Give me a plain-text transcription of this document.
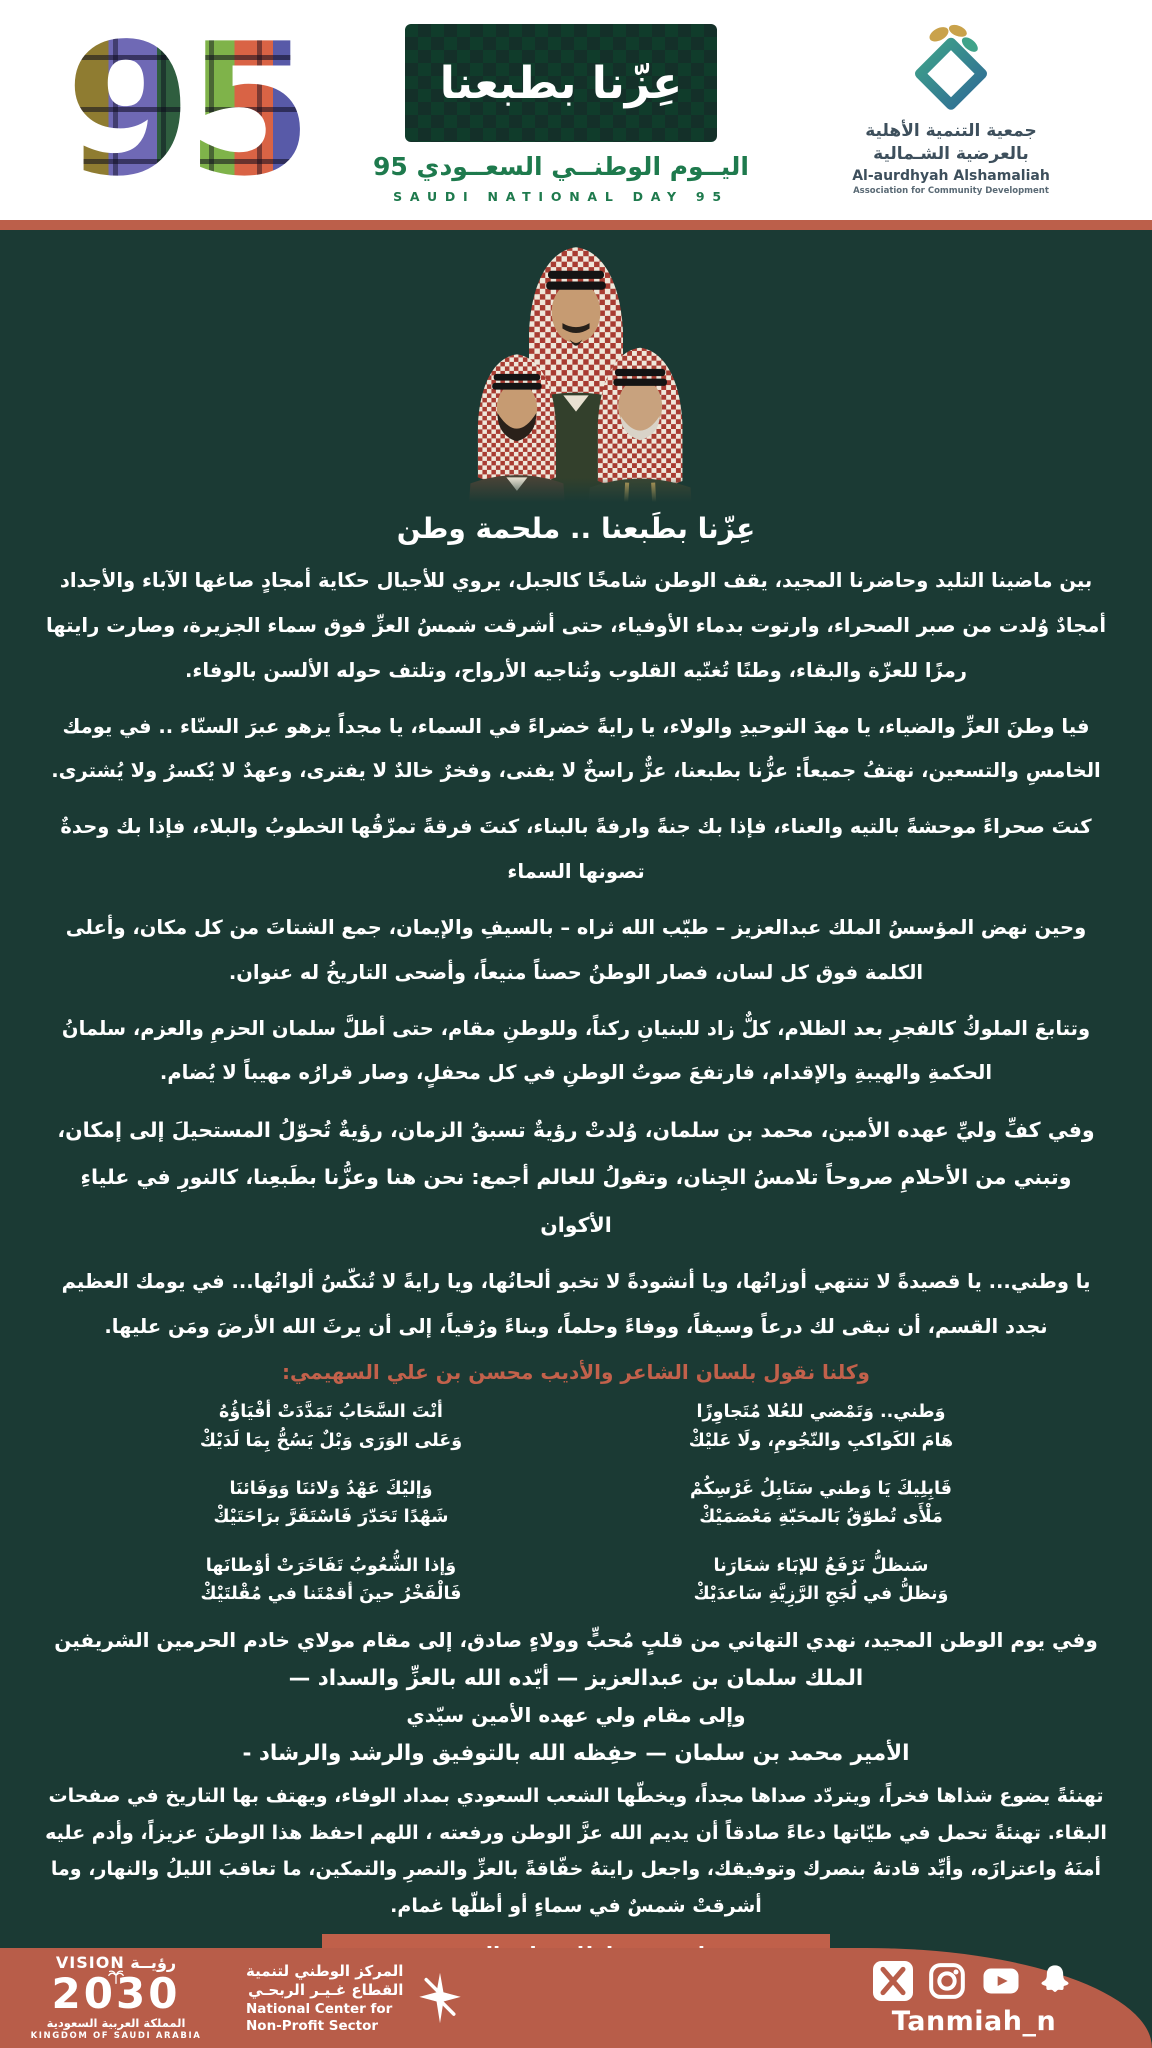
95	عِزّنا بطبعنا
اليــوم الوطنــي السعــودي 95
SAUDI NATIONAL DAY 95
جمعية التنمية الأهلية
بالعرضية الشـمالية
Al-aurdhyah Alshamaliah
Association for Community Development
عِزّنا بطَبعنا .. ملحمة وطن

بين ماضينا التليد وحاضرنا المجيد، يقف الوطن شامخًا كالجبل، يروي للأجيال حكاية أمجادٍ صاغها الآباء والأجداد أمجادٌ وُلدت من صبر الصحراء، وارتوت بدماء الأوفياء، حتى أشرقت شمسُ العزِّ فوق سماء الجزيرة، وصارت رايتها رمزًا للعزّة والبقاء، وطنًا تُغنّيه القلوب وتُناجيه الأرواح، وتلتف حوله الألسن بالوفاء.

فيا وطنَ العزِّ والضياء، يا مهدَ التوحيدِ والولاء، يا رايةً خضراءً في السماء، يا مجداً يزهو عبرَ السنّاء .. في يومك الخامسِ والتسعين، نهتفُ جميعاً: عزُّنا بطبعنا، عزٌّ راسخٌ لا يفنى، وفخرٌ خالدٌ لا يفترى، وعهدٌ لا يُكسرُ ولا يُشترى.

كنتَ صحراءً موحشةً بالتيه والعناء، فإذا بك جنةً وارفةً بالبناء، كنتَ فرقةً تمزّقُها الخطوبُ والبلاء، فإذا بك وحدةٌ تصونها السماء

وحين نهض المؤسسُ الملك عبدالعزيز – طيّب الله ثراه – بالسيفِ والإيمان، جمع الشتاتَ من كل مكان، وأعلى الكلمة فوق كل لسان، فصار الوطنُ حصناً منيعاً، وأضحى التاريخُ له عنوان.

وتتابعَ الملوكُ كالفجرِ بعد الظلام، كلٌّ زاد للبنيانِ ركناً، وللوطنِ مقام، حتى أطلَّ سلمان الحزمِ والعزم، سلمانُ الحكمةِ والهيبةِ والإقدام، فارتفعَ صوتُ الوطنِ في كل محفلٍ، وصار قرارُه مهيباً لا يُضام.

وفي كفِّ وليِّ عهده الأمين، محمد بن سلمان، وُلدتْ رؤيةٌ تسبقُ الزمان، رؤيةٌ تُحوّلُ المستحيلَ إلى إمكان، وتبني من الأحلامِ صروحاً تلامسُ الجِنان، وتقولُ للعالم أجمع: نحن هنا وعزُّنا بطَبعِنا، كالنورِ في علياءِ الأكوان

يا وطني... يا قصيدةً لا تنتهي أوزانُها، ويا أنشودةً لا تخبو ألحانُها، ويا رايةً لا تُنكّسُ ألوانُها... في يومك العظيم نجدد القسم، أن نبقى لك درعاً وسيفاً، ووفاءً وحلماً، وبناءً ورُقياً، إلى أن يرثَ الله الأرضَ ومَن عليها.

وكلنا نقول بلسان الشاعر والأديب محسن بن علي السهيمي:

وَطني.. وَتَمْضي للعُلا مُتَجاوِزًا
هَامَ الكَواكبِ والنّجُومِ، ولَا عَليْكْ
أنْتَ السَّحَابُ تَمَدَّدَتْ أفْيَاؤُهُ
وَعَلى الوَرَى وَبْلٌ يَسُحُّ بِمَا لَدَيْكْ
قَابِلِيكَ يَا وَطني سَنَابِلُ غَرْسِكُمْ
مَلْأَى تُطوّقُ بَالمحَبّةِ مَعْصَمَيْكْ
وَإليْكَ عَهْدُ وَلائنَا وَوَفَائنَا
شَهْدًا تَحَدّرَ فَاسْتَقَرَّ برَاحَتَيْكْ
سَنظلُّ نَرْفَعُ للإبَاء شعَارَنا
وَنظلُّ في لُجَجِ الرَّزِيَّةِ سَاعدَيْكْ
وَإذا الشُّعُوبُ تَفَاخَرَتْ أوْطانَها
فَالْفَخْرُ حينَ أقمْتَنا في مُقْلتَيْكْ

وفي يوم الوطن المجيد، نهدي التهاني من قلبٍ مُحبٍّ وولاءٍ صادق، إلى مقام مولاي خادم الحرمين الشريفين

الملك سلمان بن عبدالعزيز — أيّده الله بالعزِّ والسداد —

وإلى مقام ولي عهده الأمين سيّدي

الأمير محمد بن سلمان — حفِظه الله بالتوفيق والرشد والرشاد -

تهنئةً يضوع شذاها فخراً، ويتردّد صداها مجداً، ويخطّها الشعب السعودي بمداد الوفاء، ويهتف بها التاريخ في صفحات البقاء. تهنئةً تحمل في طيّاتها دعاءً صادقاً أن يديم الله عزَّ الوطن ورفعته ، اللهم احفظ هذا الوطنَ عزيزاً، وأدم عليه أمنَهُ واعتزازَه، وأيِّد قادتهُ بنصرك وتوفيقك، واجعل رايتهُ خفّاقةً بالعزِّ والنصرِ والتمكين، ما تعاقبَ الليلُ والنهار، وما أشرقتْ شمسٌ في سماءٍ أو أظلّها غمام.

رؤيــة VISION
2030
المملكة العربية السعودية
KINGDOM OF SAUDI ARABIA
المركز الوطني لتنمية
القطاع غـيـر الربحـي
National Center for
Non-Profit Sector	Tanmiah_n
